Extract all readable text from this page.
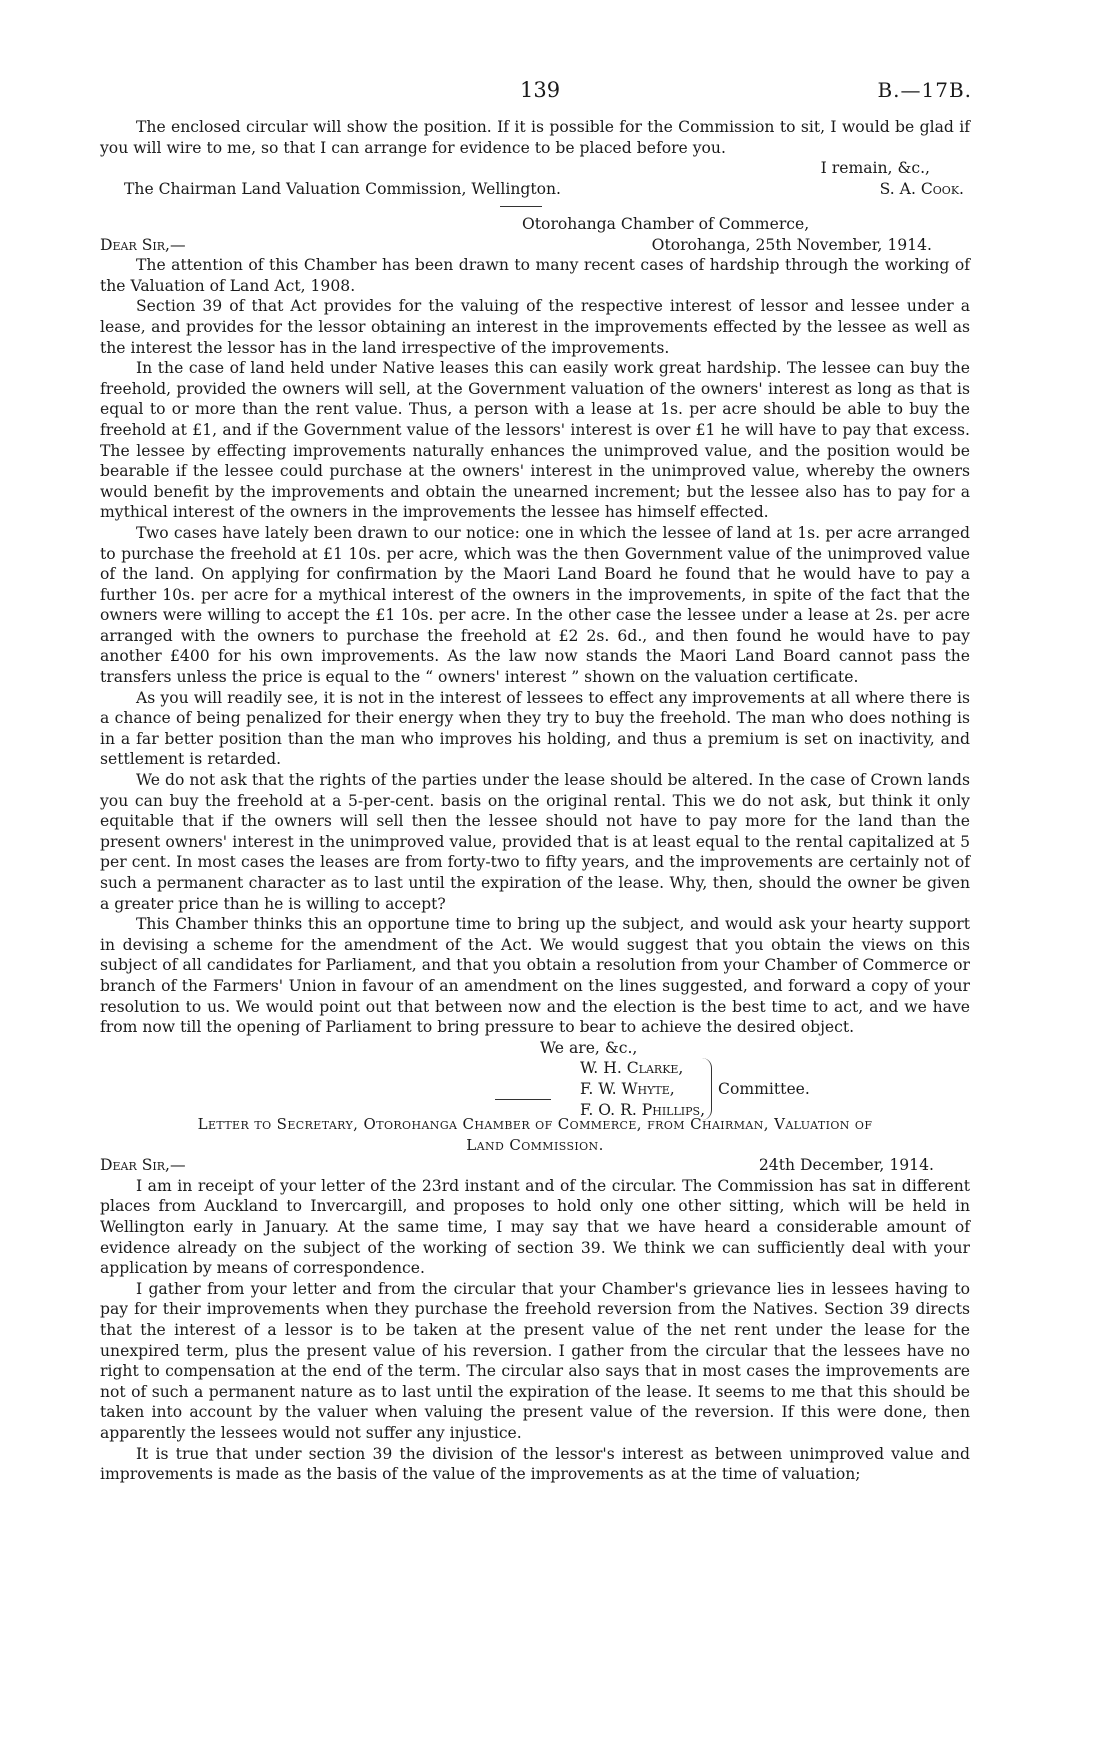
139	B.—17B.

The enclosed circular will show the position. If it is possible for the Commission to sit, I would be glad if you will wire to me, so that I can arrange for evidence to be placed before you.

I remain, &c.,
The Chairman Land Valuation Commission, Wellington.	S. A. Cook.
Otorohanga Chamber of Commerce,
Dear Sir,—	Otorohanga, 25th November, 1914.

The attention of this Chamber has been drawn to many recent cases of hardship through the working of the Valuation of Land Act, 1908.

Section 39 of that Act provides for the valuing of the respective interest of lessor and lessee under a lease, and provides for the lessor obtaining an interest in the improvements effected by the lessee as well as the interest the lessor has in the land irrespective of the improvements.

In the case of land held under Native leases this can easily work great hardship. The lessee can buy the freehold, provided the owners will sell, at the Government valuation of the owners' interest as long as that is equal to or more than the rent value. Thus, a person with a lease at 1s. per acre should be able to buy the freehold at £1, and if the Government value of the lessors' interest is over £1 he will have to pay that excess. The lessee by effecting improvements naturally enhances the unimproved value, and the position would be bearable if the lessee could purchase at the owners' interest in the unimproved value, whereby the owners would benefit by the improvements and obtain the unearned increment; but the lessee also has to pay for a mythical interest of the owners in the improvements the lessee has himself effected.

Two cases have lately been drawn to our notice: one in which the lessee of land at 1s. per acre arranged to purchase the freehold at £1 10s. per acre, which was the then Government value of the unimproved value of the land. On applying for confirmation by the Maori Land Board he found that he would have to pay a further 10s. per acre for a mythical interest of the owners in the improvements, in spite of the fact that the owners were willing to accept the £1 10s. per acre. In the other case the lessee under a lease at 2s. per acre arranged with the owners to purchase the freehold at £2 2s. 6d., and then found he would have to pay another £400 for his own improvements. As the law now stands the Maori Land Board cannot pass the transfers unless the price is equal to the “ owners' interest ” shown on the valuation certificate.

As you will readily see, it is not in the interest of lessees to effect any improvements at all where there is a chance of being penalized for their energy when they try to buy the freehold. The man who does nothing is in a far better position than the man who improves his holding, and thus a premium is set on inactivity, and settlement is retarded.

We do not ask that the rights of the parties under the lease should be altered. In the case of Crown lands you can buy the freehold at a 5-per-cent. basis on the original rental. This we do not ask, but think it only equitable that if the owners will sell then the lessee should not have to pay more for the land than the present owners' interest in the unimproved value, provided that is at least equal to the rental capitalized at 5 per cent. In most cases the leases are from forty-two to fifty years, and the improvements are certainly not of such a permanent character as to last until the expiration of the lease. Why, then, should the owner be given a greater price than he is willing to accept?

This Chamber thinks this an opportune time to bring up the subject, and would ask your hearty support in devising a scheme for the amendment of the Act. We would suggest that you obtain the views on this subject of all candidates for Parliament, and that you obtain a resolution from your Chamber of Commerce or branch of the Farmers' Union in favour of an amendment on the lines suggested, and forward a copy of your resolution to us. We would point out that between now and the election is the best time to act, and we have from now till the opening of Parliament to bring pressure to bear to achieve the desired object.

We are, &c.,
W. H. Clarke,
F. W. Whyte,
F. O. R. Phillips,
Committee.
Letter to Secretary, Otorohanga Chamber of Commerce, from Chairman, Valuation of
Land Commission.
Dear Sir,—	24th December, 1914.

I am in receipt of your letter of the 23rd instant and of the circular. The Commission has sat in different places from Auckland to Invercargill, and proposes to hold only one other sitting, which will be held in Wellington early in January. At the same time, I may say that we have heard a considerable amount of evidence already on the subject of the working of section 39. We think we can sufficiently deal with your application by means of correspondence.

I gather from your letter and from the circular that your Chamber's grievance lies in lessees having to pay for their improvements when they purchase the freehold reversion from the Natives. Section 39 directs that the interest of a lessor is to be taken at the present value of the net rent under the lease for the unexpired term, plus the present value of his reversion. I gather from the circular that the lessees have no right to compensation at the end of the term. The circular also says that in most cases the improvements are not of such a permanent nature as to last until the expiration of the lease. It seems to me that this should be taken into account by the valuer when valuing the present value of the reversion. If this were done, then apparently the lessees would not suffer any injustice.

It is true that under section 39 the division of the lessor's interest as between unimproved value and improvements is made as the basis of the value of the improvements as at the time of valuation;
